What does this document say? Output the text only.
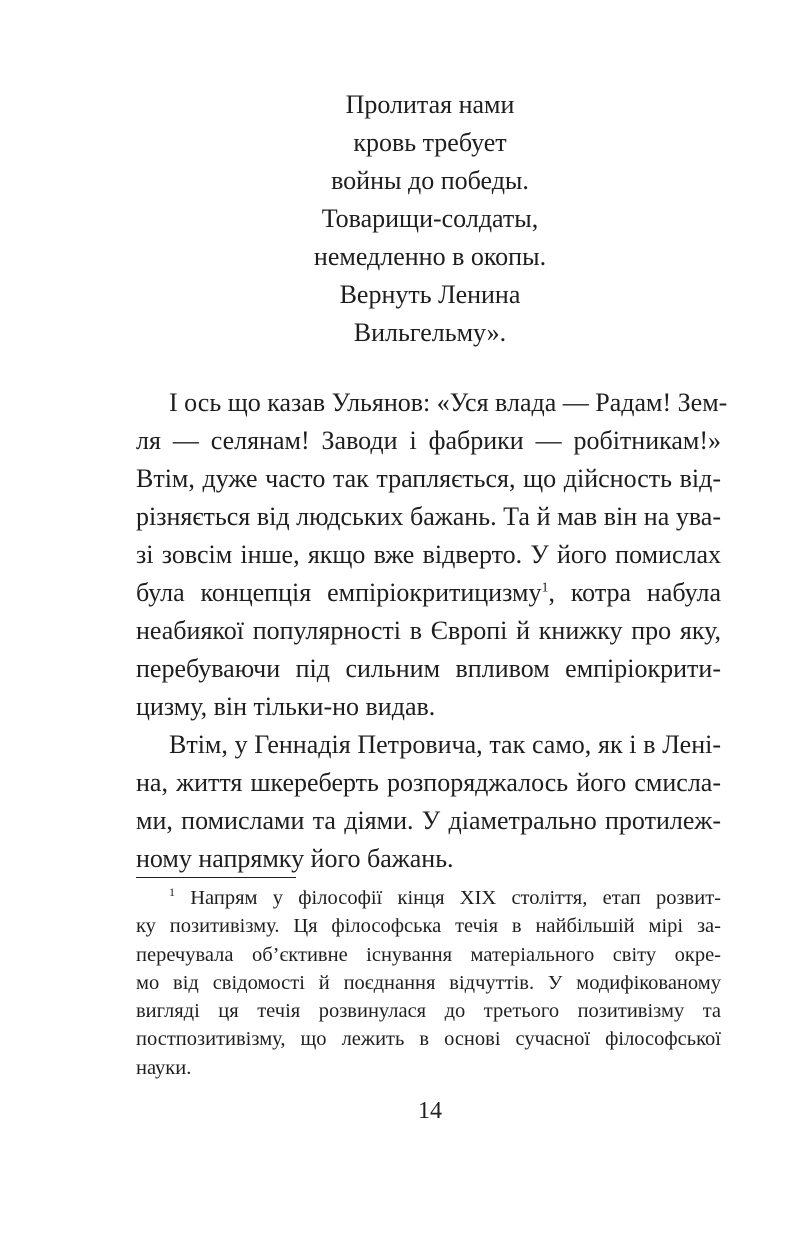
Пролитая нами
кровь требует
войны до победы.
Товарищи-солдаты,
немедленно в окопы.
Вернуть Ленина
Вильгельму».
І ось що казав Ульянов: «Уся влада — Радам! Зем-
ля — селянам! Заводи і фабрики — робітникам!»
Втім, дуже часто так трапляється, що дійсность від-
різняється від людських бажань. Та й мав він на ува-
зі зовсім інше, якщо вже відверто. У його помислах
була концепція емпіріокритицизму$^1$, котра набула
неабиякої популярності в Європі й книжку про яку,
перебуваючи під сильним впливом емпіріокрити-
цизму, він тільки-но видав.
Втім, у Геннадія Петровича, так само, як і в Лені-
на, життя шкереберть розпоряджалось його смисла-
ми, помислами та діями. У діаметрально протилеж-
ному напрямку його бажань.
$^1$ Напрям у філософії кінця XIX століття, етап розвит-
ку позитивізму. Ця філософська течія в найбільшій мірі за-
перечувала об’єктивне існування матеріального світу окре-
мо від свідомості й поєднання відчуттів. У модифікованому
вигляді ця течія розвинулася до третього позитивізму та
постпозитивізму, що лежить в основі сучасної філософської
науки.
14
